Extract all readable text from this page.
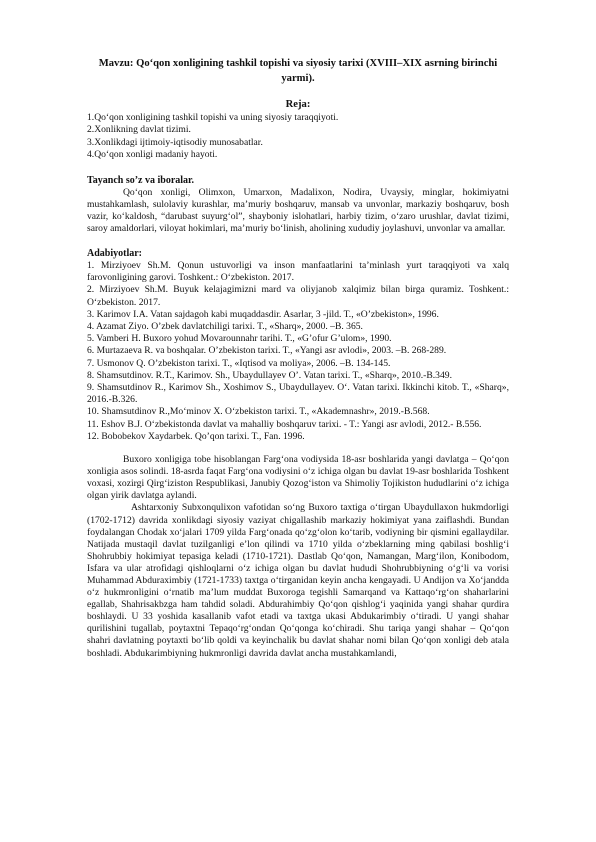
Mavzu: Qo‘qon xonligining tashkil topishi va siyosiy tarixi (XVIII–XIX asrning birinchi yarmi).

Reja:

1.Qo‘qon xonligining tashkil topishi va uning siyosiy taraqqiyoti.

2.Xonlikning davlat tizimi.

3.Xonlikdagi ijtimoiy-iqtisodiy munosabatlar.

4.Qo‘qon xonligi madaniy hayoti.

Tayanch so’z va iboralar.

Qo‘qon xonligi, Olimxon, Umarxon, Madalixon, Nodira, Uvaysiy, minglar, hokimiyatni mustahkamlash, sulolaviy kurashlar, ma’muriy boshqaruv, mansab va unvonlar, markaziy boshqaruv, bosh vazir, ko‘kaldosh, “darubast suyurg‘ol”, shayboniy islohatlari, harbiy tizim, o‘zaro urushlar, davlat tizimi, saroy amaldorlari, viloyat hokimlari, ma’muriy bo‘linish, aholining xududiy joylashuvi, unvonlar va amallar.

Adabiyotlar:

1. Mirziyoev Sh.M. Qonun ustuvorligi va inson manfaatlarini ta’minlash yurt taraqqiyoti va xalq farovonligining garovi. Toshkent.: O‘zbekiston. 2017.

2. Mirziyoev Sh.M. Buyuk kelajagimizni mard va oliyjanob xalqimiz bilan birga quramiz. Toshkent.: O‘zbekiston. 2017.

3. Karimov I.A. Vatan sajdagoh kabi muqaddasdir. Asarlar, 3 -jild. T., «O’zbekiston», 1996.

4. Azamat Ziyo. O’zbek davlatchiligi tarixi. T., «Sharq», 2000. –B. 365.

5. Vamberi H. Buxoro yohud Movarounnahr tarihi. T., «G’ofur G’ulom», 1990.

6. Murtazaeva R. va boshqalar. O’zbekiston tarixi. T., «Yangi asr avlodi», 2003. –B. 268-289.

7. Usmonov Q. O’zbekiston tarixi. T., «Iqtisod va moliya», 2006. –B. 134-145.

8. Shamsutdinov. R.T., Karimov. Sh., Ubaydullayev O’. Vatan tarixi. T., «Sharq», 2010.-B.349.

9. Shamsutdinov R., Karimov Sh., Xoshimov S., Ubaydullayev. O‘. Vatan tarixi. Ikkinchi kitob. T., «Sharq», 2016.-B.326.

10. Shamsutdinov R.,Mo‘minov X. O‘zbekiston tarixi. T., «Akademnashr», 2019.-B.568.

11. Eshov B.J. O‘zbekistonda davlat va mahalliy boshqaruv tarixi. - T.: Yangi asr avlodi, 2012.- B.556.

12. Bobobekov Xaydarbek. Qo’qon tarixi. T., Fan. 1996.

Buxoro xonligiga tobe hisoblangan Farg‘ona vodiysida 18-asr boshlarida yangi davlatga – Qo‘qon xonligia asos solindi. 18-asrda faqat Farg‘ona vodiysini o‘z ichiga olgan bu davlat 19-asr boshlarida Toshkent voxasi, xozirgi Qirg‘iziston Respublikasi, Janubiy Qozog‘iston va Shimoliy Tojikiston hududlarini o‘z ichiga olgan yirik davlatga aylandi.

Ashtarxoniy Subxonqulixon vafotidan so‘ng Buxoro taxtiga o‘tirgan Ubaydullaxon hukmdorligi (1702-1712) davrida xonlikdagi siyosiy vaziyat chigallashib markaziy hokimiyat yana zaiflashdi. Bundan foydalangan Chodak xo‘jalari 1709 yilda Farg‘onada qo‘zg‘olon ko‘tarib, vodiyning bir qismini egallaydilar. Natijada mustaqil davlat tuzilganligi e’lon qilindi va 1710 yilda o‘zbeklarning ming qabilasi boshlig‘i Shohrubbiy hokimiyat tepasiga keladi (1710-1721). Dastlab Qo‘qon, Namangan, Marg‘ilon, Konibodom, Isfara va ular atrofidagi qishloqlarni o‘z ichiga olgan bu davlat hududi Shohrubbiyning o‘g‘li va vorisi Muhammad Abduraximbiy (1721-1733) taxtga o‘tirganidan keyin ancha kengayadi. U Andijon va Xo‘jandda o‘z hukmronligini o‘rnatib ma’lum muddat Buxoroga tegishli Samarqand va Kattaqo‘rg‘on shaharlarini egallab, Shahrisakbzga ham tahdid soladi. Abdurahimbiy Qo‘qon qishlog‘i yaqinida yangi shahar qurdira boshlaydi. U 33 yoshida kasallanib vafot etadi va taxtga ukasi Abdukarimbiy o‘tiradi. U yangi shahar qurilishini tugallab, poytaxtni Tepaqo‘rg‘ondan Qo‘qonga ko‘chiradi. Shu tariqa yangi shahar – Qo‘qon shahri davlatning poytaxti bo‘lib qoldi va keyinchalik bu davlat shahar nomi bilan Qo‘qon xonligi deb atala boshladi. Abdukarimbiyning hukmronligi davrida davlat ancha mustahkamlandi,
